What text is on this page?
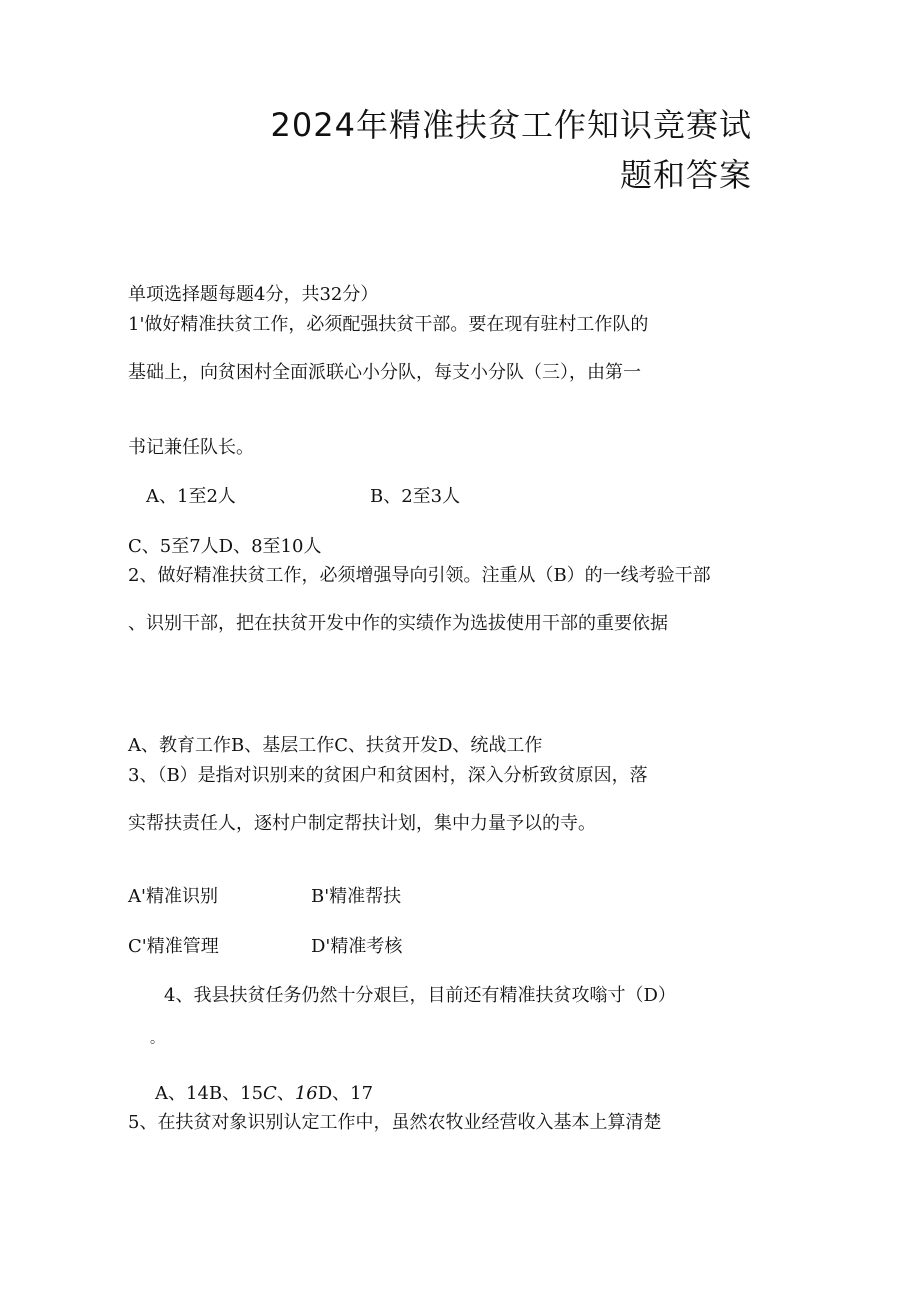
2024年精准扶贫工作知识竞赛试
题和答案
单项选择题每题4分，共32分）
1'做好精准扶贫工作，必须配强扶贫干部。要在现有驻村工作队的
基础上，向贫困村全面派联心小分队，每支小分队（三），由第一
书记兼任队长。
A、1至2人	B、2至3人
C、5至7人D、8至10人
2、做好精准扶贫工作，必须增强导向引领。注重从（B）的一线考验干部
、识别干部，把在扶贫开发中作的实绩作为选拔使用干部的重要依据
A、教育工作B、基层工作C、扶贫开发D、统战工作
3、（B）是指对识别来的贫困户和贫困村，深入分析致贫原因，落
实帮扶责任人，逐村户制定帮扶计划，集中力量予以的寺。
A'精准识别	B'精准帮扶
C'精准管理	D'精准考核
4、我县扶贫任务仍然十分艰巨，目前还有精准扶贫攻嗡寸（D）
。
A、14B、15C、16D、17
5、在扶贫对象识别认定工作中，虽然农牧业经营收入基本上算清楚
